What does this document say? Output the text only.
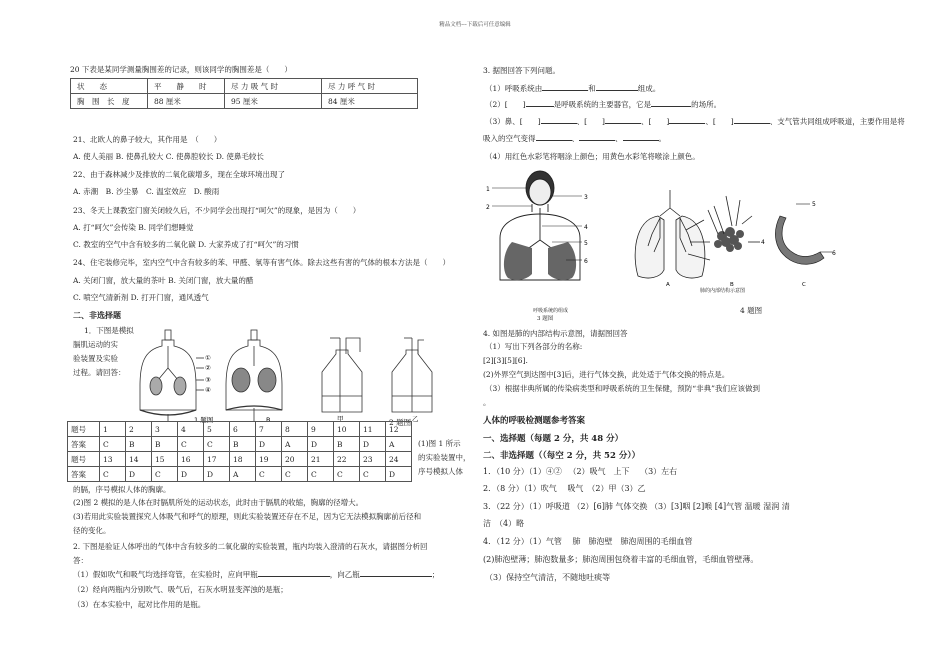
精品文档---下载后可任意编辑
20 下表是某同学测量胸围差的记录，则该同学的胸围差是（　　）
状　　态	平　　静　　时	尽 力 吸 气 时	尽 力 呼 气 时
胸　围　长　度	88 厘米	95 厘米	84 厘米
21、北欧人的鼻子较大，其作用是　（　　）
A. 使人美丽 B. 使鼻孔较大 C. 使鼻腔较长 D. 使鼻毛较长
22、由于森林减少及排放的二氧化碳增多，现在全球环境出现了
A. 赤潮　B. 沙尘暴　C. 温室效应　D. 酸雨
23、冬天上课教室门窗关闭较久后，不少同学会出现打“呵欠”的现象，是因为（　　）
A. 打“呵欠”会传染 B. 同学们想睡觉
C. 教室的空气中含有较多的二氧化碳 D. 大家养成了打“呵欠”的习惯
24、住宅装修完毕，室内空气中含有较多的苯、甲醛、氡等有害气体。除去这些有害的气体的根本方法是（　　）
A. 关闭门窗，放大量的茶叶 B. 关闭门窗，放大量的醋
C. 喷空气清新剂 D. 打开门窗，通风透气
二、非选择题
1．下图是模拟
膈肌运动的实
验装置及实验
过程。请回答：
①
②
③
④
1 题图	B	甲	乙
2 题图
题号	1	2	3	4	5	6	7	8	9	10	11	12
答案	C	B	B	C	C	B	D	A	D	B	D	A
题号	13	14	15	16	17	18	19	20	21	22	23	24
答案	C	D	C	D	D	A	C	C	C	C	C	D
(1)图 1 所示
的实验装置中，
序号模拟人体
的膈，序号模拟人体的胸廓。
(2)图 2 模拟的是人体在时膈肌所处的运动状态，此时由于膈肌的收缩，胸廓的径增大。
(3)若用此实验装置探究人体吸气和呼气的原理，则此实验装置还存在不足，因为它无法模拟胸廓前后径和
径的变化。
2. 下图是验证人体呼出的气体中含有较多的二氧化碳的实验装置，瓶内均装入澄清的石灰水，请据图分析回
答：
（1）假如吹气和吸气均选择弯管，在实验时，应向甲瓶	，向乙瓶	；
（2）经向两瓶内分别吹气、吸气后，石灰水明显变浑浊的是瓶；
（3）在本实验中，起对比作用的是瓶。
3. 据图回答下列问题。
（1）呼吸系统由	和	组成。
（2）[　　]	是呼吸系统的主要器官，它是	的场所。
（3）鼻、[　　]	、[　　]	、[　　]	、[　　]	、支气管共同组成呼吸道，主要作用是将
吸入的空气变得	、	、	。
（4）用红色水彩笔将咽涂上颜色；用黄色水彩笔将喉涂上颜色。
1
2
3
4
5
6
呼吸系统的组成
3 题图
5
6
4
A	B	C
肺的内部结构示意图
4 题图
4. 如图是肺的内部结构示意图，请据图回答
（1）写出下列各部分的名称:
[2][3][5][6].
(2)外界空气到达图中[3]后，进行气体交换，此处适于气体交换的特点是。
（3）根据非典所属的传染病类型和呼吸系统的卫生保健，预防“非典”我们应该做到
。
人体的呼吸检测题参考答案
一、选择题（每题 2 分，共 48 分）
二、非选择题（（每空 2 分，共 52 分））
1．（10 分）（1）④② 　（2）吸气　上下　 （3）左右
2．（8 分）（1）吹气　 吸气　（2）甲（3）乙
3．（22 分）（1）呼吸道 （2）[6]肺 气体交换 （3）[3]咽 [2]喉 [4]气管 温暖 湿润 清
洁　（4）略
4．（12 分）（1）气管　 肺　肺泡壁　肺泡周围的毛细血管
(2)肺泡壁薄；肺泡数量多；肺泡周围包绕着丰富的毛细血管，毛细血管壁薄。
（3）保持空气清洁，不随地吐痰等
